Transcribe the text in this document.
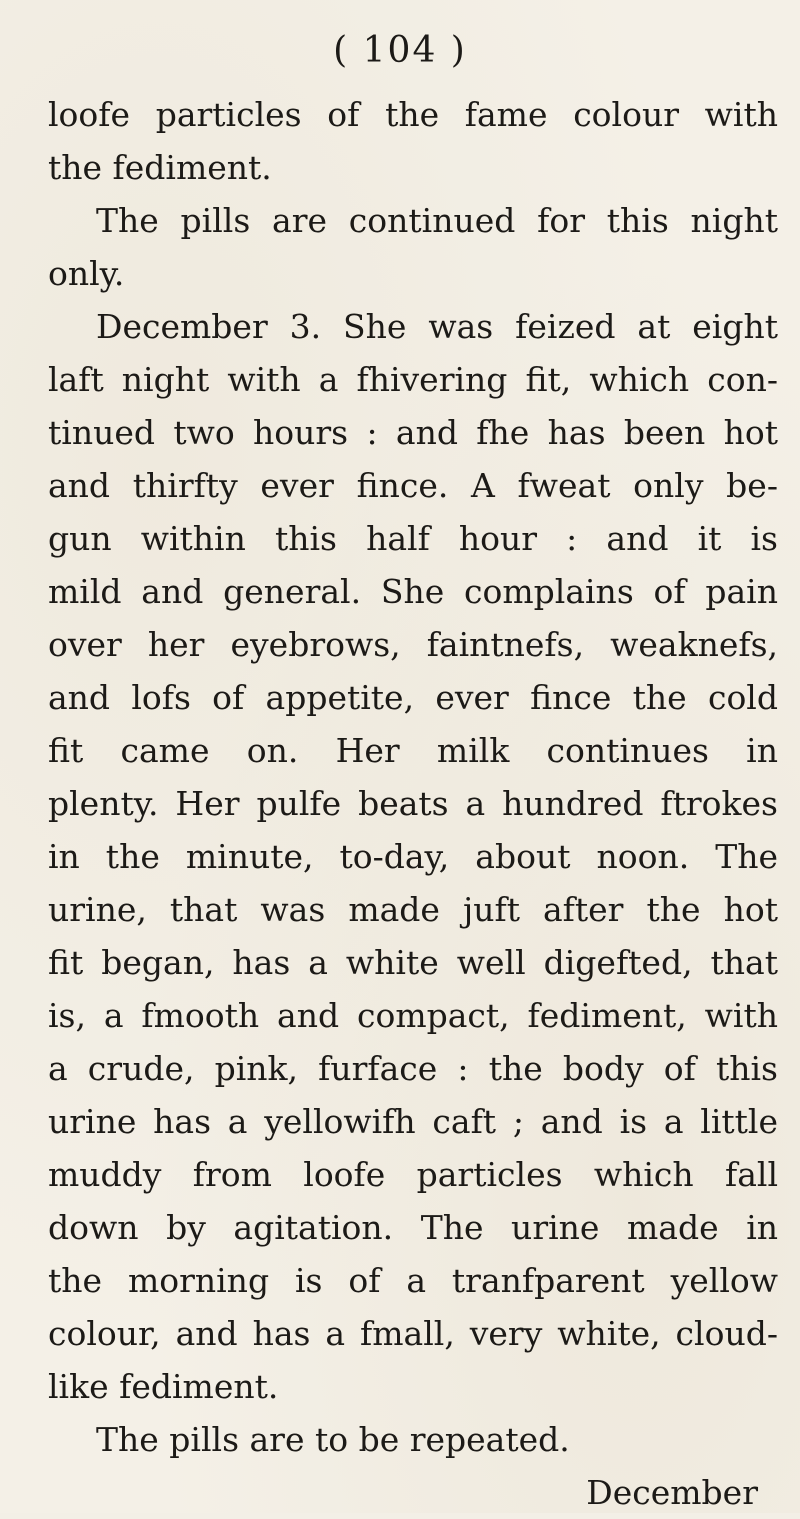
( 104 )
loofe particles of the fame colour with
the fediment.
The pills are continued for this night
only.
December 3. She was feized at eight
laft night with a fhivering fit, which con-
tinued two hours : and fhe has been hot
and thirfty ever fince. A fweat only be-
gun within this half hour : and it is
mild and general. She complains of pain
over her eyebrows, faintnefs, weaknefs,
and lofs of appetite, ever fince the cold
fit came on. Her milk continues in
plenty. Her pulfe beats a hundred ftrokes
in the minute, to-day, about noon. The
urine, that was made juft after the hot
fit began, has a white well digefted, that
is, a fmooth and compact, fediment, with
a crude, pink, furface : the body of this
urine has a yellowifh caft ; and is a little
muddy from loofe particles which fall
down by agitation. The urine made in
the morning is of a tranfparent yellow
colour, and has a fmall, very white, cloud-
like fediment.
The pills are to be repeated.
December
